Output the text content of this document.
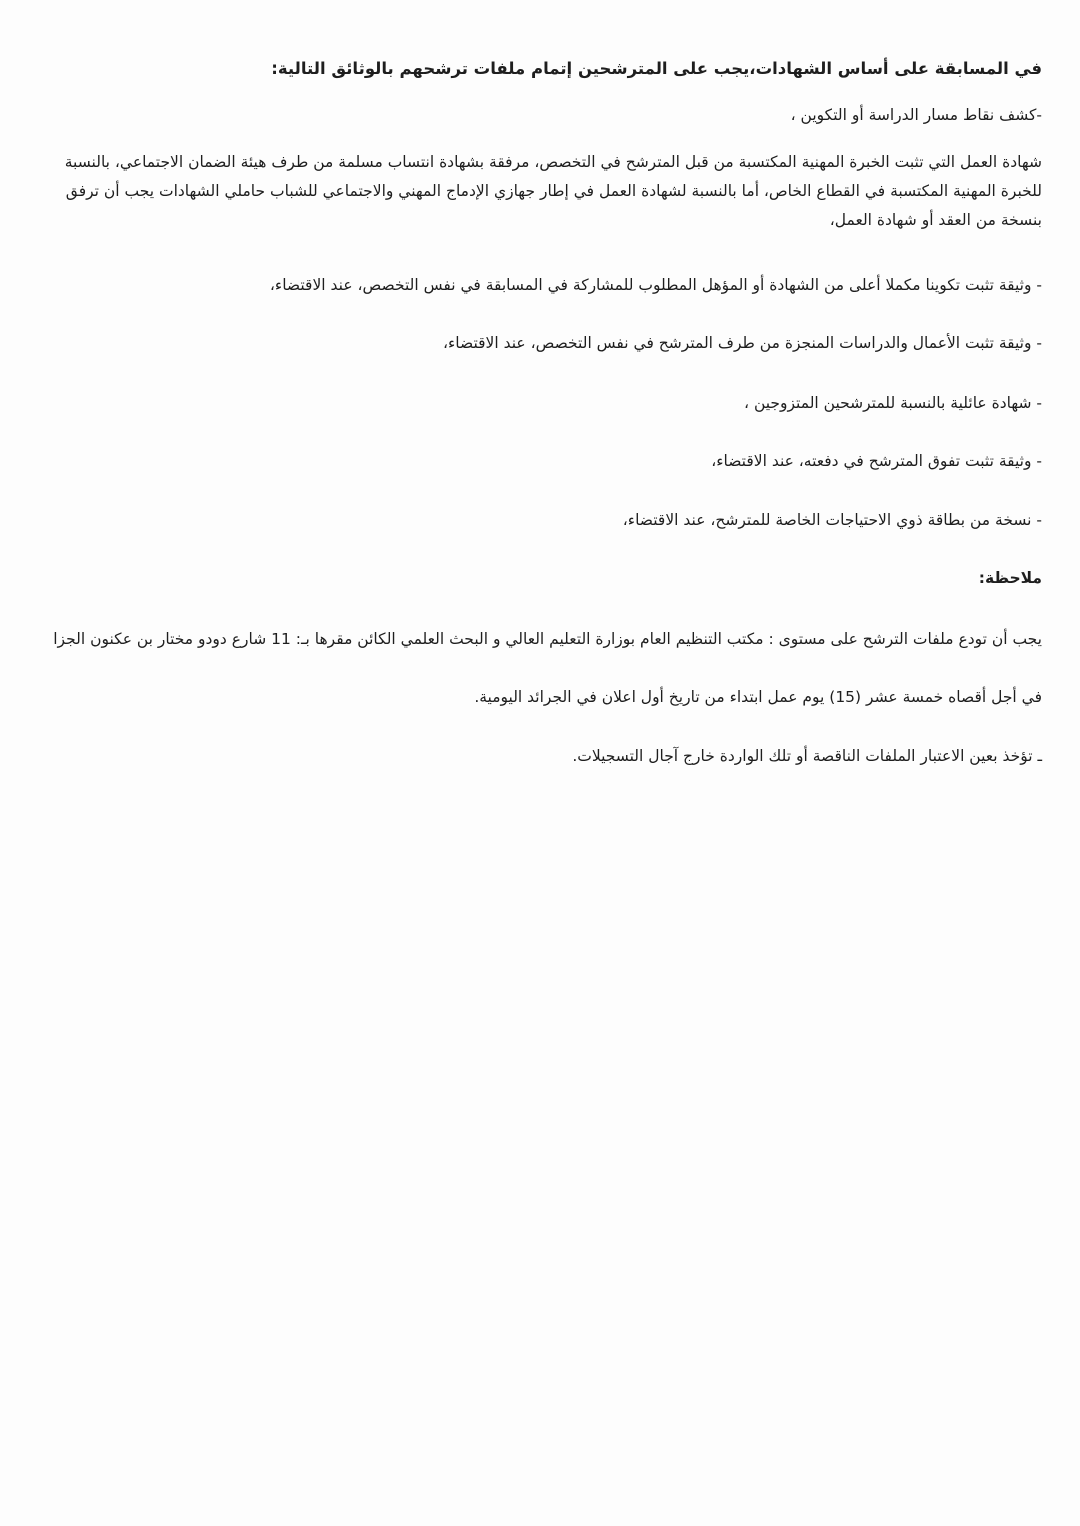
في المسابقة على أساس الشهادات،يجب على المترشحين إتمام ملفات ترشحهم بالوثائق التالية:
-كشف نقاط مسار الدراسة أو التكوين ،
شهادة العمل التي تثبت الخبرة المهنية المكتسبة من قبل المترشح في التخصص، مرفقة بشهادة انتساب مسلمة من طرف هيئة الضمان الاجتماعي، بالنسبة
للخبرة المهنية المكتسبة في القطاع الخاص، أما بالنسبة لشهادة العمل في إطار جهازي الإدماج المهني والاجتماعي للشباب حاملي الشهادات يجب أن ترفق
بنسخة من العقد أو شهادة العمل،
- وثيقة تثبت تكوينا مكملا أعلى من الشهادة أو المؤهل المطلوب للمشاركة في المسابقة في نفس التخصص، عند الاقتضاء،
- وثيقة تثبت الأعمال والدراسات المنجزة من طرف المترشح في نفس التخصص، عند الاقتضاء،
- شهادة عائلية بالنسبة للمترشحين المتزوجين ،
- وثيقة تثبت تفوق المترشح في دفعته، عند الاقتضاء،
- نسخة من بطاقة ذوي الاحتياجات الخاصة للمترشح، عند الاقتضاء،
ملاحظة:
يجب أن تودع ملفات الترشح على مستوى : مكتب التنظيم العام بوزارة التعليم العالي و البحث العلمي الكائن مقرها بـ: 11 شارع دودو مختار بن عكنون الجزا
في أجل أقصاه خمسة عشر (15) يوم عمل ابتداء من تاريخ أول اعلان في الجرائد اليومية.
ـ تؤخذ بعين الاعتبار الملفات الناقصة أو تلك الواردة خارج آجال التسجيلات.
